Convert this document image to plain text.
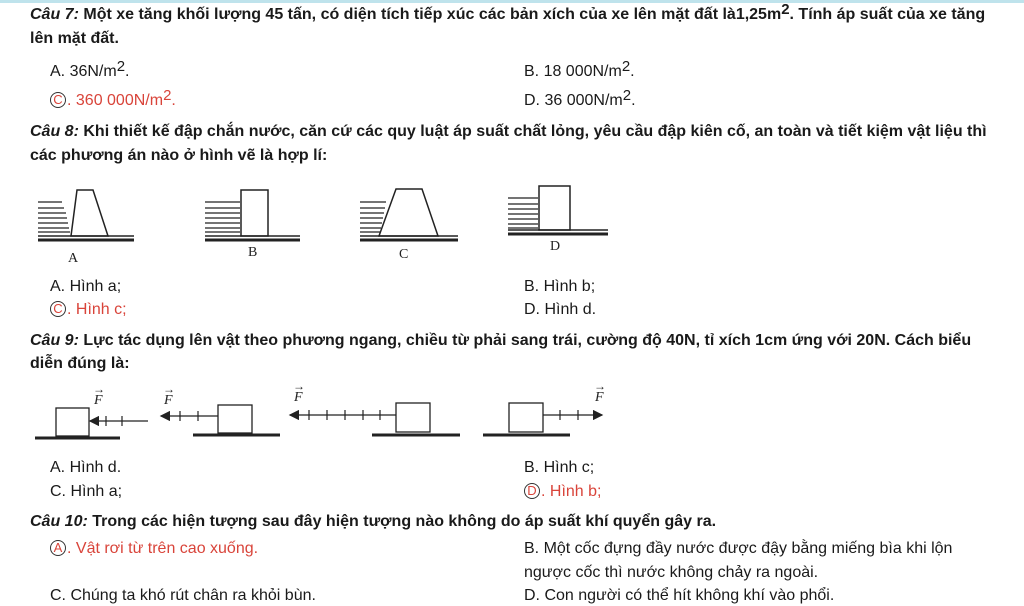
Câu 7: Một xe tăng khối lượng 45 tấn, có diện tích tiếp xúc các bản xích của xe lên mặt đất $là1,25m^2$. Tính áp suất của xe tăng
lên mặt đất.
A. $36N/m^2$.	B. 18 $000N/m^2$.
C . 360 $000N/m^2$.	D. 36 $000N/m^2$.
Câu 8: Khi thiết kế đập chắn nước, căn cứ các quy luật áp suất chất lỏng, yêu cầu đập kiên cố, an toàn và tiết kiệm vật liệu thì
các phương án nào ở hình vẽ là hợp lí:
A	B	C
D
A. Hình a;	B. Hình b;
C . Hình c;	D. Hình d.
Câu 9: Lực tác dụng lên vật theo phương ngang, chiều từ phải sang trái, cường độ 40N, tỉ xích 1cm ứng với 20N. Cách biểu
diễn đúng là:
F
→
F
→
F
→
F
→
A. Hình d.	B. Hình c;
C. Hình a;	D . Hình b;
Câu 10: Trong các hiện tượng sau đây hiện tượng nào không do áp suất khí quyển gây ra.
A . Vật rơi từ trên cao xuống.	B. Một cốc đựng đầy nước được đậy bằng miếng bìa khi lộn
ngược cốc thì nước không chảy ra ngoài.
C. Chúng ta khó rút chân ra khỏi bùn.	D. Con người có thể hít không khí vào phổi.
